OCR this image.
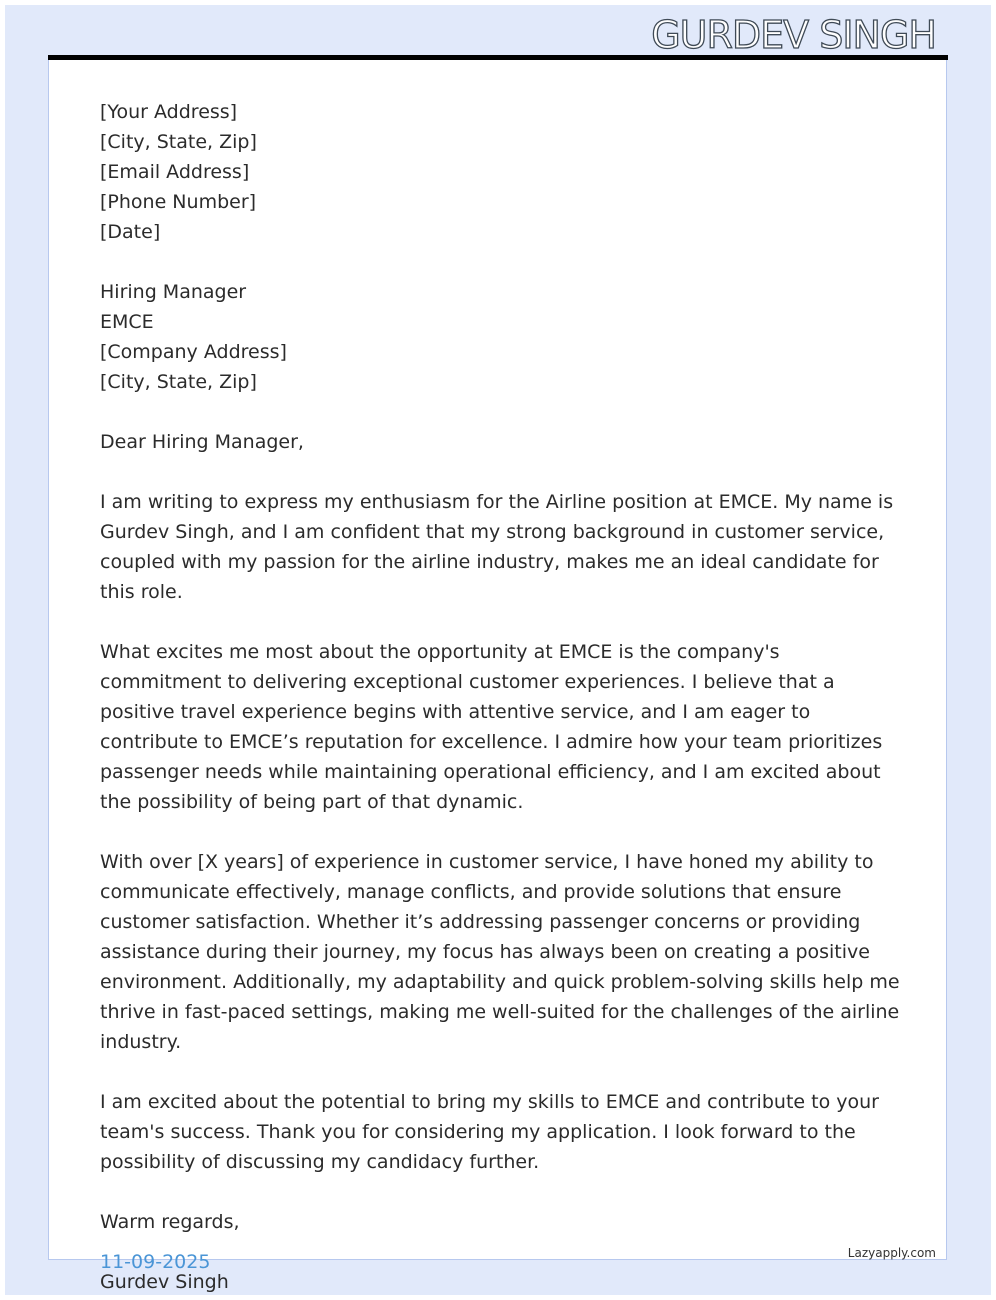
GURDEV SINGH
[Your Address]
[City, State, Zip]
[Email Address]
[Phone Number]
[Date]
Hiring Manager
EMCE
[Company Address]
[City, State, Zip]
Dear Hiring Manager,

I am writing to express my enthusiasm for the Airline position at EMCE. My name is Gurdev Singh, and I am confident that my strong background in customer service, coupled with my passion for the airline industry, makes me an ideal candidate for this role.

What excites me most about the opportunity at EMCE is the company's commitment to delivering exceptional customer experiences. I believe that a positive travel experience begins with attentive service, and I am eager to contribute to EMCE’s reputation for excellence. I admire how your team prioritizes passenger needs while maintaining operational efficiency, and I am excited about the possibility of being part of that dynamic.

With over [X years] of experience in customer service, I have honed my ability to communicate effectively, manage conflicts, and provide solutions that ensure customer satisfaction. Whether it’s addressing passenger concerns or providing assistance during their journey, my focus has always been on creating a positive environment. Additionally, my adaptability and quick problem-solving skills help me thrive in fast-paced settings, making me well-suited for the challenges of the airline industry.

I am excited about the potential to bring my skills to EMCE and contribute to your team's success. Thank you for considering my application. I look forward to the possibility of discussing my candidacy further.

Warm regards,
Gurdev Singh
11-09-2025	Lazyapply.com
